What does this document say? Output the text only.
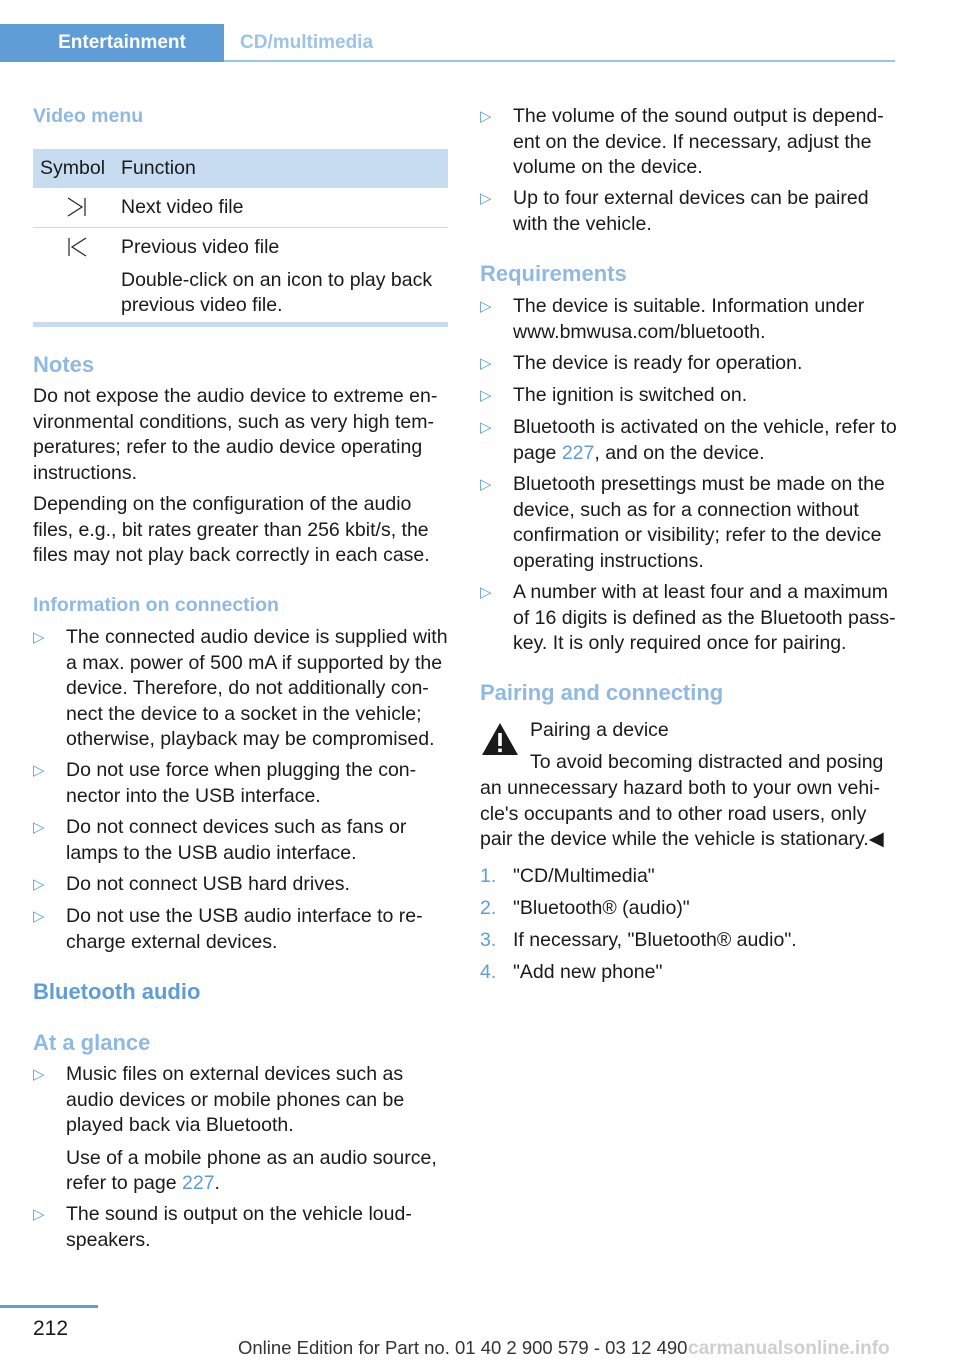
Entertainment	CD/multimedia
Video menu
Symbol Function
Next video file
Previous video file
Double-click on an icon to play back previous video file.
Notes
Do not expose the audio device to extreme en-vironmental conditions, such as very high tem-peratures; refer to the audio device operating instructions.
Depending on the configuration of the audio files, e.g., bit rates greater than 256 kbit/s, the files may not play back correctly in each case.
Information on connection
▷	The connected audio device is supplied with a max. power of 500 mA if supported by the device. Therefore, do not additionally con-nect the device to a socket in the vehicle; otherwise, playback may be compromised.
▷	Do not use force when plugging the con-nector into the USB interface.
▷	Do not connect devices such as fans or lamps to the USB audio interface.
▷	Do not connect USB hard drives.
▷	Do not use the USB audio interface to re-charge external devices.
Bluetooth audio
At a glance
▷	Music files on external devices such as audio devices or mobile phones can be played back via Bluetooth.
Use of a mobile phone as an audio source, refer to page 227.
▷	The sound is output on the vehicle loud-speakers.
▷	The volume of the sound output is depend-ent on the device. If necessary, adjust the volume on the device.
▷	Up to four external devices can be paired with the vehicle.
Requirements
▷	The device is suitable. Information under www.bmwusa.com/bluetooth.
▷	The device is ready for operation.
▷	The ignition is switched on.
▷	Bluetooth is activated on the vehicle, refer to page 227, and on the device.
▷	Bluetooth presettings must be made on the device, such as for a connection without confirmation or visibility; refer to the device operating instructions.
▷	A number with at least four and a maximum of 16 digits is defined as the Bluetooth pass-key. It is only required once for pairing.
Pairing and connecting
Pairing a device
To avoid becoming distracted and posing
an unnecessary hazard both to your own vehi-cle's occupants and to other road users, only pair the device while the vehicle is stationary.◀
1. "CD/Multimedia"
2. "Bluetooth® (audio)"
3. If necessary, "Bluetooth® audio".
4. "Add new phone"
212
Online Edition for Part no. 01 40 2 900 579 - 03 12 490 carmanualsonline.info
